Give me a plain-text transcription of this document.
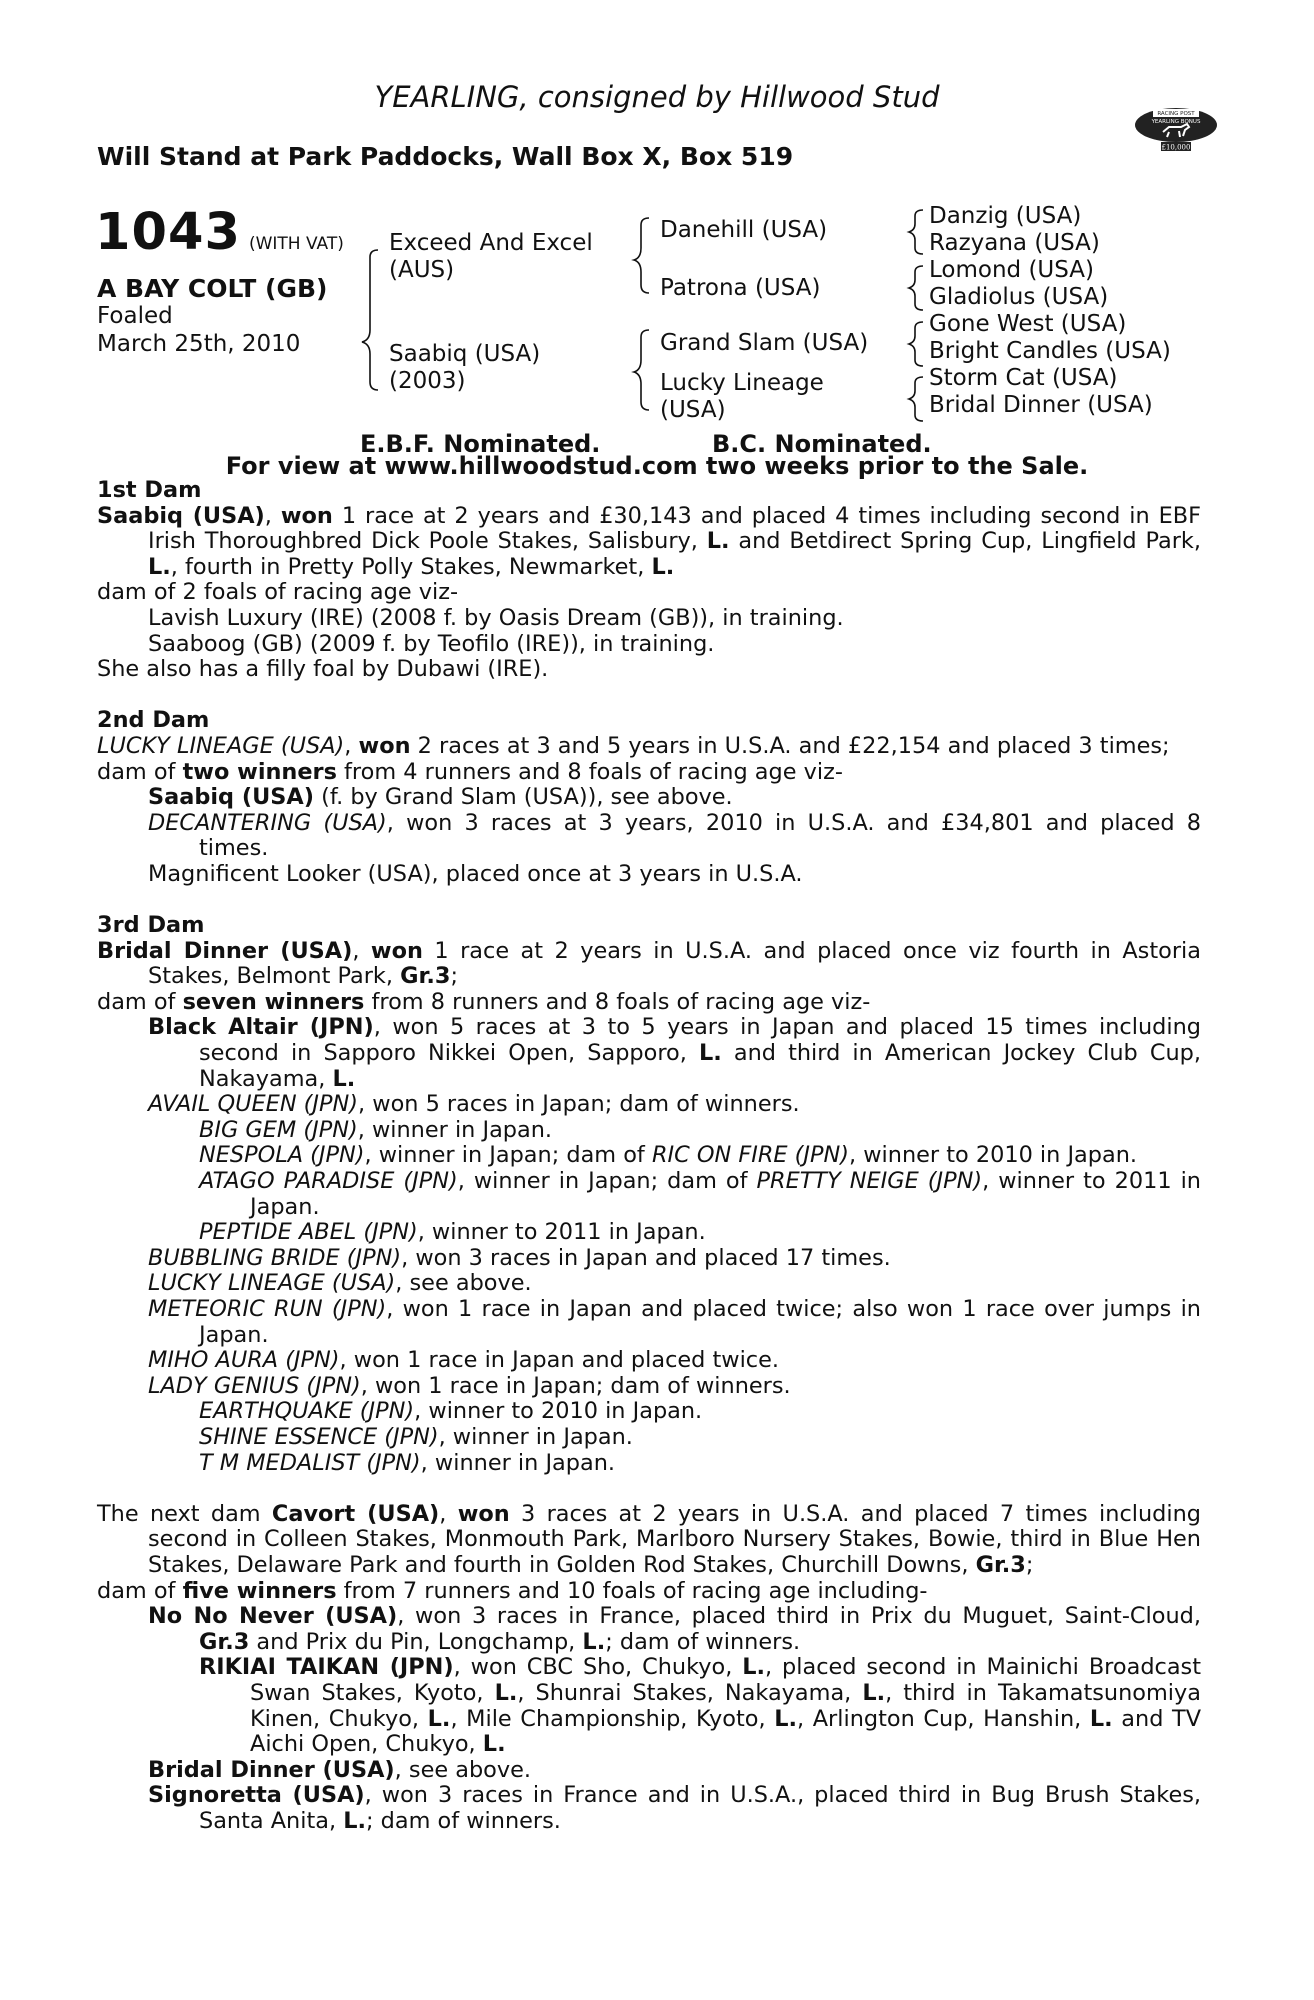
YEARLING, consigned by Hillwood Stud
Will Stand at Park Paddocks, Wall Box X, Box 519
RACING POST
YEARLING BONUS
£10,000
1043 (WITH VAT)
A BAY COLT (GB)
Foaled
March 25th, 2010
Exceed And Excel
(AUS)
Saabiq (USA)
(2003)
Danehill (USA)
Patrona (USA)
Grand Slam (USA)
Lucky Lineage
(USA)
Danzig (USA)
Razyana (USA)
Lomond (USA)
Gladiolus (USA)
Gone West (USA)
Bright Candles (USA)
Storm Cat (USA)
Bridal Dinner (USA)
E.B.F. Nominated.	B.C. Nominated.
For view at www.hillwoodstud.com two weeks prior to the Sale.

1st Dam

Saabiq (USA), won 1 race at 2 years and £30,143 and placed 4 times including second in EBF Irish Thoroughbred Dick Poole Stakes, Salisbury, L. and Betdirect Spring Cup, Lingfield Park, L., fourth in Pretty Polly Stakes, Newmarket, L.

dam of 2 foals of racing age viz-

Lavish Luxury (IRE) (2008 f. by Oasis Dream (GB)), in training.

Saaboog (GB) (2009 f. by Teofilo (IRE)), in training.

She also has a filly foal by Dubawi (IRE).

2nd Dam

LUCKY LINEAGE (USA), won 2 races at 3 and 5 years in U.S.A. and £22,154 and placed 3 times;

dam of two winners from 4 runners and 8 foals of racing age viz-

Saabiq (USA) (f. by Grand Slam (USA)), see above.

DECANTERING (USA), won 3 races at 3 years, 2010 in U.S.A. and £34,801 and placed 8 times.

Magnificent Looker (USA), placed once at 3 years in U.S.A.

3rd Dam

Bridal Dinner (USA), won 1 race at 2 years in U.S.A. and placed once viz fourth in Astoria Stakes, Belmont Park, Gr.3;

dam of seven winners from 8 runners and 8 foals of racing age viz-

Black Altair (JPN), won 5 races at 3 to 5 years in Japan and placed 15 times including second in Sapporo Nikkei Open, Sapporo, L. and third in American Jockey Club Cup, Nakayama, L.

AVAIL QUEEN (JPN), won 5 races in Japan; dam of winners.

BIG GEM (JPN), winner in Japan.

NESPOLA (JPN), winner in Japan; dam of RIC ON FIRE (JPN), winner to 2010 in Japan.

ATAGO PARADISE (JPN), winner in Japan; dam of PRETTY NEIGE (JPN), winner to 2011 in Japan.

PEPTIDE ABEL (JPN), winner to 2011 in Japan.

BUBBLING BRIDE (JPN), won 3 races in Japan and placed 17 times.

LUCKY LINEAGE (USA), see above.

METEORIC RUN (JPN), won 1 race in Japan and placed twice; also won 1 race over jumps in Japan.

MIHO AURA (JPN), won 1 race in Japan and placed twice.

LADY GENIUS (JPN), won 1 race in Japan; dam of winners.

EARTHQUAKE (JPN), winner to 2010 in Japan.

SHINE ESSENCE (JPN), winner in Japan.

T M MEDALIST (JPN), winner in Japan.

The next dam Cavort (USA), won 3 races at 2 years in U.S.A. and placed 7 times including second in Colleen Stakes, Monmouth Park, Marlboro Nursery Stakes, Bowie, third in Blue Hen Stakes, Delaware Park and fourth in Golden Rod Stakes, Churchill Downs, Gr.3;

dam of five winners from 7 runners and 10 foals of racing age including-

No No Never (USA), won 3 races in France, placed third in Prix du Muguet, Saint-Cloud, Gr.3 and Prix du Pin, Longchamp, L.; dam of winners.

RIKIAI TAIKAN (JPN), won CBC Sho, Chukyo, L., placed second in Mainichi Broadcast Swan Stakes, Kyoto, L., Shunrai Stakes, Nakayama, L., third in Takamatsunomiya Kinen, Chukyo, L., Mile Championship, Kyoto, L., Arlington Cup, Hanshin, L. and TV Aichi Open, Chukyo, L.

Bridal Dinner (USA), see above.

Signoretta (USA), won 3 races in France and in U.S.A., placed third in Bug Brush Stakes, Santa Anita, L.; dam of winners.
